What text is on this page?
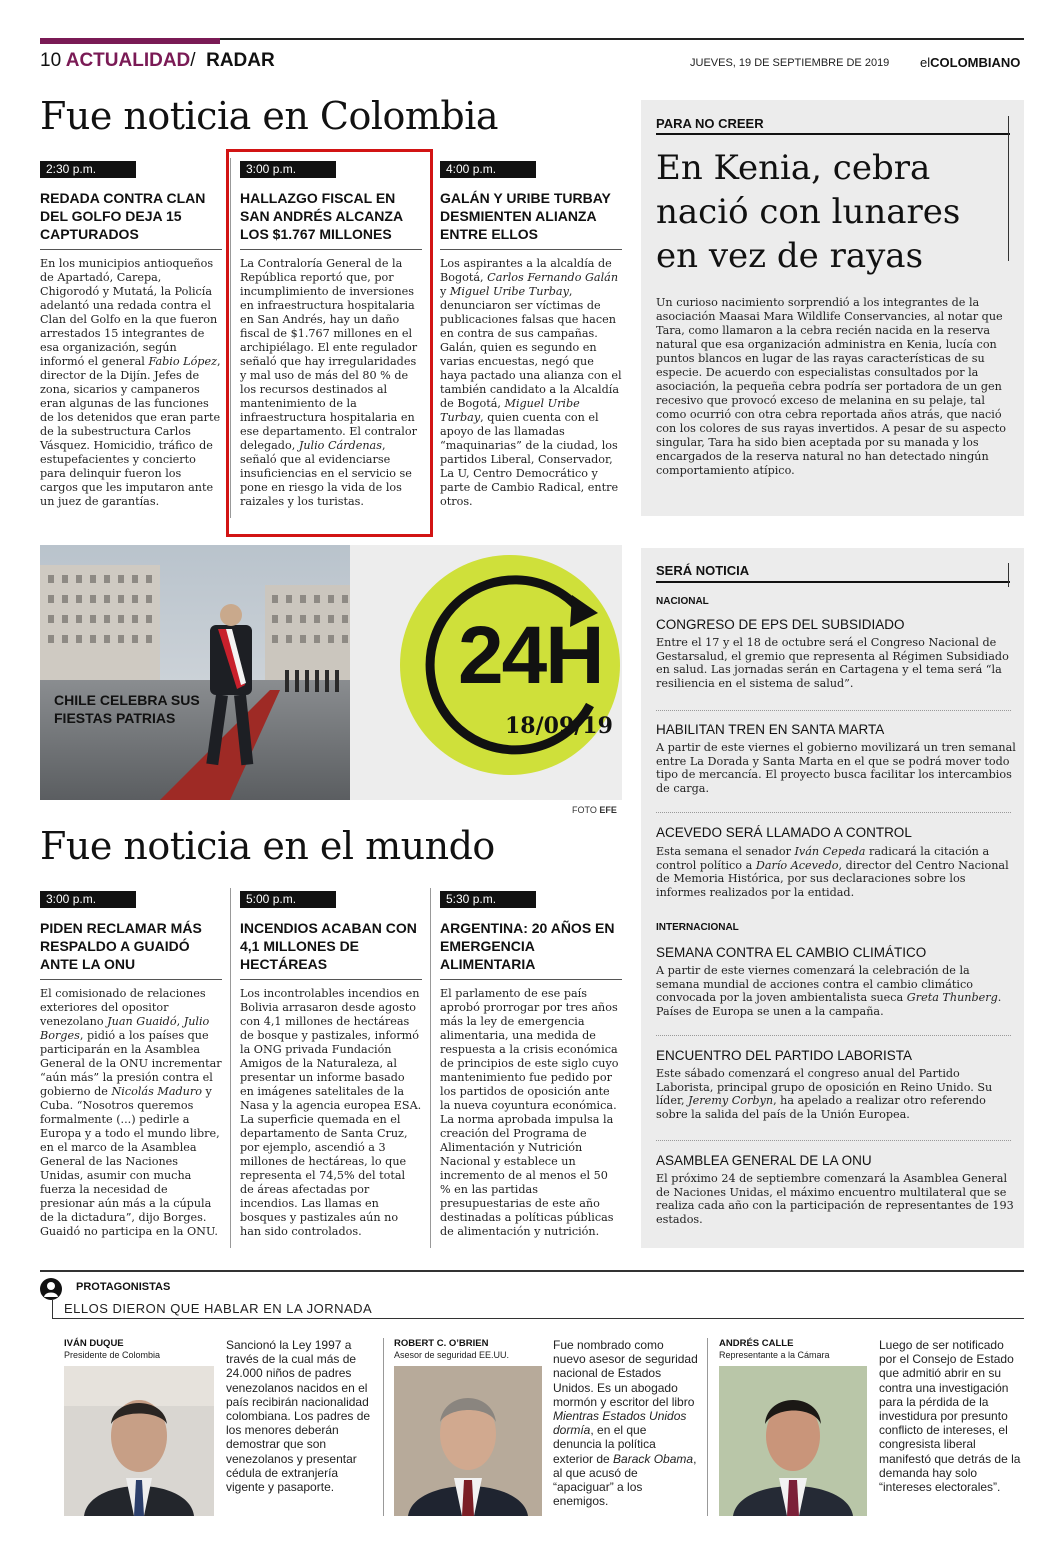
10 ACTUALIDAD/ RADAR	JUEVES, 19 DE SEPTIEMBRE DE 2019 elCOLOMBIANO
Fue noticia en Colombia
2:30 p.m.
REDADA CONTRA CLAN DEL GOLFO DEJA 15 CAPTURADOS
En los municipios antioqueños de Apartadó, Carepa, Chigorodó y Mutatá, la Policía adelantó una redada contra el Clan del Golfo en la que fueron arrestados 15 integrantes de esa organización, según informó el general Fabio López, director de la Dijín. Jefes de zona, sicarios y campaneros eran algunas de las funciones de los detenidos que eran parte de la subestructura Carlos Vásquez. Homicidio, tráfico de estupefacientes y concierto para delinquir fueron los cargos que les imputaron ante un juez de garantías.
3:00 p.m.
HALLAZGO FISCAL EN SAN ANDRÉS ALCANZA LOS $1.767 MILLONES
La Contraloría General de la República reportó que, por incumplimiento de inversiones en infraestructura hospitalaria en San Andrés, hay un daño fiscal de $1.767 millones en el archipiélago. El ente regulador señaló que hay irregularidades y mal uso de más del 80 % de los recursos destinados al mantenimiento de la infraestructura hospitalaria en ese departamento. El contralor delegado, Julio Cárdenas, señaló que al evidenciarse insuficiencias en el servicio se pone en riesgo la vida de los raizales y los turistas.
4:00 p.m.
GALÁN Y URIBE TURBAY DESMIENTEN ALIANZA ENTRE ELLOS
Los aspirantes a la alcaldía de Bogotá, Carlos Fernando Galán y Miguel Uribe Turbay, denunciaron ser víctimas de publicaciones falsas que hacen en contra de sus campañas. Galán, quien es segundo en varias encuestas, negó que haya pactado una alianza con el también candidato a la Alcaldía de Bogotá, Miguel Uribe Turbay, quien cuenta con el apoyo de las llamadas “maquinarias” de la ciudad, los partidos Liberal, Conservador, La U, Centro Democrático y parte de Cambio Radical, entre otros.
PARA NO CREER
En Kenia, cebra nació con lunares en vez de rayas
Un curioso nacimiento sorprendió a los integrantes de la asociación Maasai Mara Wildlife Conservancies, al notar que Tara, como llamaron a la cebra recién nacida en la reserva natural que esa organización administra en Kenia, lucía con puntos blancos en lugar de las rayas características de su especie. De acuerdo con especialistas consultados por la asociación, la pequeña cebra podría ser portadora de un gen recesivo que provocó exceso de melanina en su pelaje, tal como ocurrió con otra cebra reportada años atrás, que nació con los colores de sus rayas invertidos. A pesar de su aspecto singular, Tara ha sido bien aceptada por su manada y los encargados de la reserva natural no han detectado ningún comportamiento atípico.
24H
18/09/19
CHILE CELEBRA SUS FIESTAS PATRIAS
FOTO EFE
Fue noticia en el mundo
3:00 p.m.
PIDEN RECLAMAR MÁS RESPALDO A GUAIDÓ ANTE LA ONU
El comisionado de relaciones exteriores del opositor venezolano Juan Guaidó, Julio Borges, pidió a los países que participarán en la Asamblea General de la ONU incrementar “aún más” la presión contra el gobierno de Nicolás Maduro y Cuba. “Nosotros queremos formalmente (...) pedirle a Europa y a todo el mundo libre, en el marco de la Asamblea General de las Naciones Unidas, asumir con mucha fuerza la necesidad de presionar aún más a la cúpula de la dictadura”, dijo Borges. Guaidó no participa en la ONU.
5:00 p.m.
INCENDIOS ACABAN CON 4,1 MILLONES DE HECTÁREAS
Los incontrolables incendios en Bolivia arrasaron desde agosto con 4,1 millones de hectáreas de bosque y pastizales, informó la ONG privada Fundación Amigos de la Naturaleza, al presentar un informe basado en imágenes satelitales de la Nasa y la agencia europea ESA. La superficie quemada en el departamento de Santa Cruz, por ejemplo, ascendió a 3 millones de hectáreas, lo que representa el 74,5% del total de áreas afectadas por incendios. Las llamas en bosques y pastizales aún no han sido controlados.
5:30 p.m.
ARGENTINA: 20 AÑOS EN EMERGENCIA ALIMENTARIA
El parlamento de ese país aprobó prorrogar por tres años más la ley de emergencia alimentaria, una medida de respuesta a la crisis económica de principios de este siglo cuyo mantenimiento fue pedido por los partidos de oposición ante la nueva coyuntura económica. La norma aprobada impulsa la creación del Programa de Alimentación y Nutrición Nacional y establece un incremento de al menos el 50 % en las partidas presupuestarias de este año destinadas a políticas públicas de alimentación y nutrición.
SERÁ NOTICIA
NACIONAL
CONGRESO DE EPS DEL SUBSIDIADO
Entre el 17 y el 18 de octubre será el Congreso Nacional de Gestarsalud, el gremio que representa al Régimen Subsidiado en salud. Las jornadas serán en Cartagena y el tema será “la resiliencia en el sistema de salud”.
HABILITAN TREN EN SANTA MARTA
A partir de este viernes el gobierno movilizará un tren semanal entre La Dorada y Santa Marta en el que se podrá mover todo tipo de mercancía. El proyecto busca facilitar los intercambios de carga.
ACEVEDO SERÁ LLAMADO A CONTROL
Esta semana el senador Iván Cepeda radicará la citación a control político a Darío Acevedo, director del Centro Nacional de Memoria Histórica, por sus declaraciones sobre los informes realizados por la entidad.
INTERNACIONAL
SEMANA CONTRA EL CAMBIO CLIMÁTICO
A partir de este viernes comenzará la celebración de la semana mundial de acciones contra el cambio climático convocada por la joven ambientalista sueca Greta Thunberg. Países de Europa se unen a la campaña.
ENCUENTRO DEL PARTIDO LABORISTA
Este sábado comenzará el congreso anual del Partido Laborista, principal grupo de oposición en Reino Unido. Su líder, Jeremy Corbyn, ha apelado a realizar otro referendo sobre la salida del país de la Unión Europea.
ASAMBLEA GENERAL DE LA ONU
El próximo 24 de septiembre comenzará la Asamblea General de Naciones Unidas, el máximo encuentro multilateral que se realiza cada año con la participación de representantes de 193 estados.
PROTAGONISTAS
ELLOS DIERON QUE HABLAR EN LA JORNADA
IVÁN DUQUE
Presidente de Colombia
Sancionó la Ley 1997 a través de la cual más de 24.000 niños de padres venezolanos nacidos en el país recibirán nacionalidad colombiana. Los padres de los menores deberán demostrar que son venezolanos y presentar cédula de extranjería vigente y pasaporte.
ROBERT C. O’BRIEN
Asesor de seguridad EE.UU.
Fue nombrado como nuevo asesor de seguridad nacional de Estados Unidos. Es un abogado mormón y escritor del libro Mientras Estados Unidos dormía, en el que denuncia la política exterior de Barack Obama, al que acusó de “apaciguar” a los enemigos.
ANDRÉS CALLE
Representante a la Cámara
Luego de ser notificado por el Consejo de Estado que admitió abrir en su contra una investigación para la pérdida de la investidura por presunto conflicto de intereses, el congresista liberal manifestó que detrás de la demanda hay solo “intereses electorales”.
